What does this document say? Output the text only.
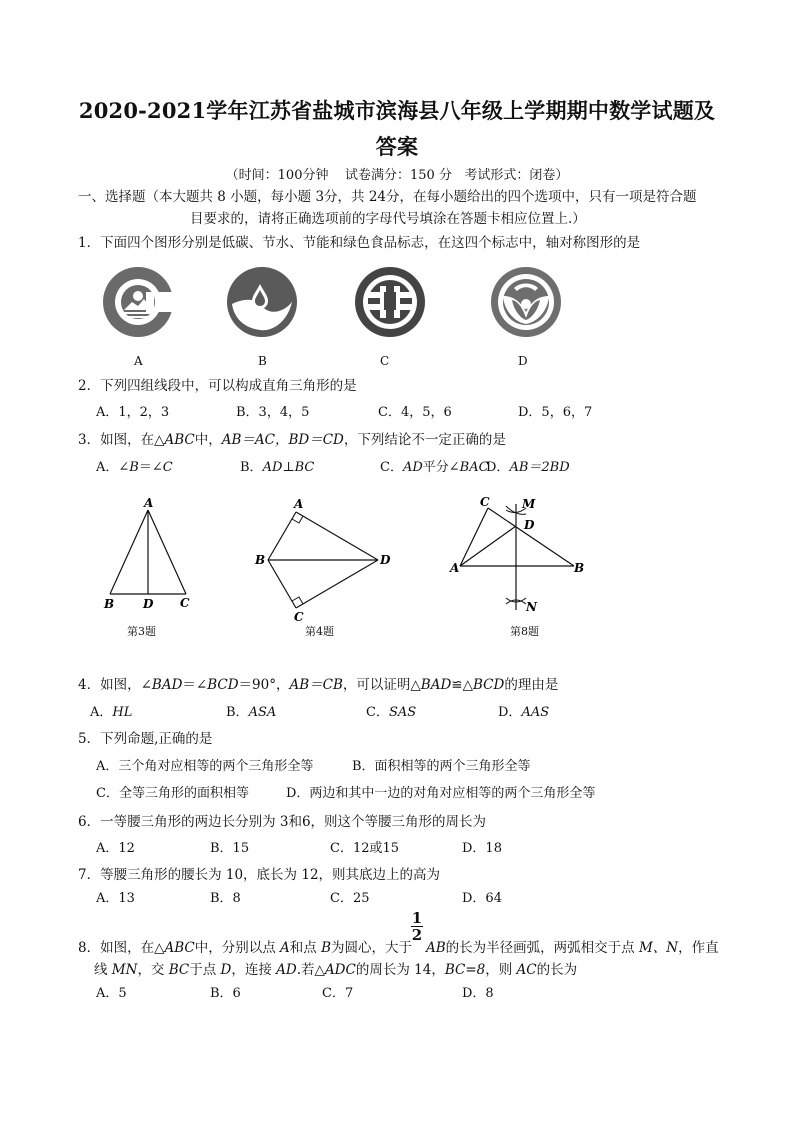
2020-2021学年江苏省盐城市滨海县八年级上学期期中数学试题及答案
（时间：100分钟    试卷满分：150 分   考试形式：闭卷）
一、选择题（本大题共 8 小题，每小题 3分，共 24分，在每小题给出的四个选项中，只有一项是符合题
目要求的，请将正确选项前的字母代号填涂在答题卡相应位置上.）
1．下面四个图形分别是低碳、节水、节能和绿色食品标志，在这四个标志中，轴对称图形的是
A	B	C	D
2．下列四组线段中，可以构成直角三角形的是
A．1，2，3	B．3，4，5	C．4，5，6	D．5，6，7
3．如图，在△ABC中，AB＝AC，BD＝CD，下列结论不一定正确的是
A．∠B＝∠C	B．AD⊥BC	C．AD平分∠BAC
D．AB＝2BD
A
B D C
第3题
A
B	D
C
第4题
C	M
D
A	B
N
第8题
4．如图，∠BAD＝∠BCD＝90°，AB＝CB，可以证明△BAD≌△BCD的理由是
A．HL	B．ASA	C．SAS	D．AAS
5．下列命题,正确的是
A．三个角对应相等的两个三角形全等	B．面积相等的两个三角形全等
C．全等三角形的面积相等	D．两边和其中一边的对角对应相等的两个三角形全等
6．一等腰三角形的两边长分别为 3和6，则这个等腰三角形的周长为
A．12	B．15	C．12或15	D．18
7．等腰三角形的腰长为 10，底长为 12，则其底边上的高为
A．13	B．8	C．25	D．64
1
2
8．如图，在△ABC中，分别以点 A和点 B为圆心，大于 AB的长为半径画弧，两弧相交于点 M、N，作直
线 MN，交 BC于点 D，连接 AD.若△ADC的周长为 14，BC=8，则 AC的长为
A．5	B．6	C．7	D．8
